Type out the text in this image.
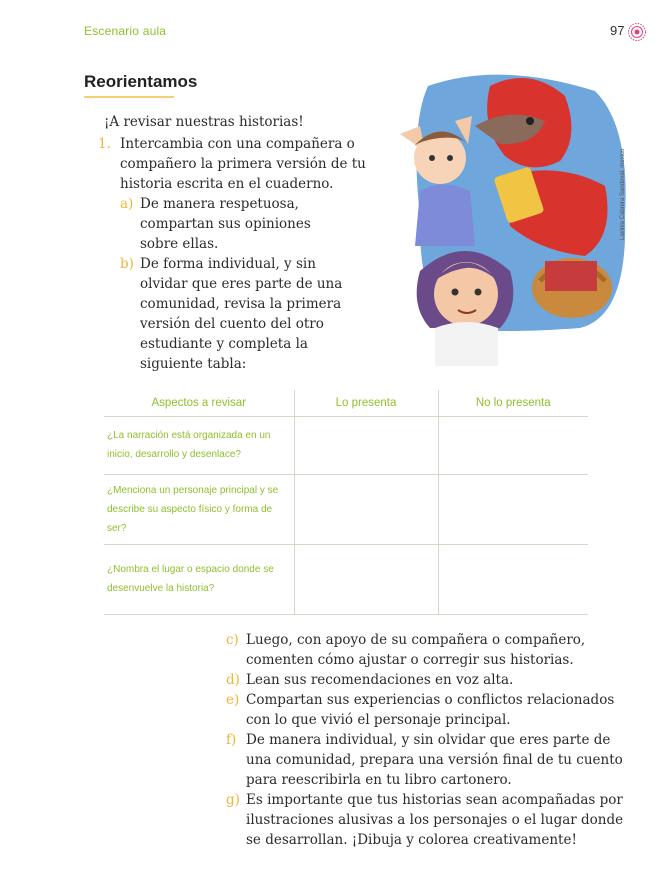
Escenario aula	97
Reorientamos

¡A revisar nuestras historias!

1. Intercambia con una compañera o compañero la primera versión de tu historia escrita en el cuaderno.
a) De manera respetuosa, compartan sus opiniones sobre ellas.
b) De forma individual, y sin olvidar que eres parte de una comunidad, revisa la primera versión del cuento del otro estudiante y completa la siguiente tabla:
Lavinia Cabrera Sandoval, mexico
Aspectos a revisar	Lo presenta	No lo presenta
¿La narración está organizada en un inicio, desarrollo y desenlace?		
¿Menciona un personaje principal y se describe su aspecto físico y forma de ser?		
¿Nombra el lugar o espacio donde se desenvuelve la historia?		

c) Luego, con apoyo de su compañera o compañero, comenten cómo ajustar o corregir sus historias.
d) Lean sus recomendaciones en voz alta.
e) Compartan sus experiencias o conflictos relacionados con lo que vivió el personaje principal.
f) De manera individual, y sin olvidar que eres parte de una comunidad, prepara una versión final de tu cuento para reescribirla en tu libro cartonero.
g) Es importante que tus historias sean acompañadas por ilustraciones alusivas a los personajes o el lugar donde se desarrollan. ¡Dibuja y colorea creativamente!
